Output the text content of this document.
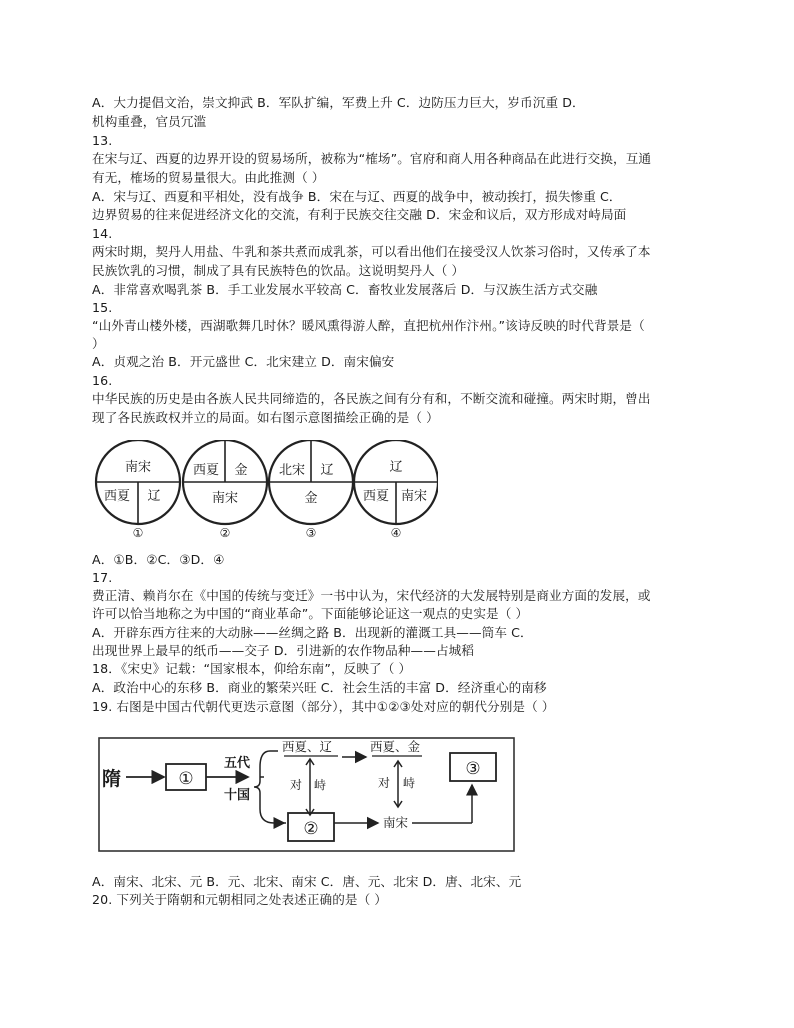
A．大力提倡文治，崇文抑武 B．军队扩编，军费上升 C．边防压力巨大，岁币沉重 D．
机构重叠，官员冗滥
13.
在宋与辽、西夏的边界开设的贸易场所，被称为“榷场”。官府和商人用各种商品在此进行交换，互通
有无，榷场的贸易量很大。由此推测（ ）
A．宋与辽、西夏和平相处，没有战争 B．宋在与辽、西夏的战争中，被动挨打，损失惨重 C．
边界贸易的往来促进经济文化的交流，有利于民族交往交融 D．宋金和议后，双方形成对峙局面
14.
两宋时期，契丹人用盐、牛乳和茶共煮而成乳茶，可以看出他们在接受汉人饮茶习俗时，又传承了本
民族饮乳的习惯，制成了具有民族特色的饮品。这说明契丹人（ ）
A．非常喜欢喝乳茶 B．手工业发展水平较高 C．畜牧业发展落后 D．与汉族生活方式交融
15.
“山外青山楼外楼，西湖歌舞几时休？暖风熏得游人醉，直把杭州作汴州。”该诗反映的时代背景是（
）
A．贞观之治 B．开元盛世 C．北宋建立 D．南宋偏安
16.
中华民族的历史是由各族人民共同缔造的，各民族之间有分有和，不断交流和碰撞。两宋时期，曾出
现了各民族政权并立的局面。如右图示意图描绘正确的是（ ）
南宋
西夏 辽
①
西夏 金
南宋
②
北宋 辽
金
③
辽
西夏 南宋
④
A．①B．②C．③D．④
17.
费正清、赖肖尔在《中国的传统与变迁》一书中认为，宋代经济的大发展特别是商业方面的发展，或
许可以恰当地称之为中国的“商业革命”。下面能够论证这一观点的史实是（ ）
A．开辟东西方往来的大动脉——丝绸之路 B．出现新的灌溉工具——筒车 C．
出现世界上最早的纸币——交子 D．引进新的农作物品种——占城稻
18．《宋史》记载：“国家根本，仰给东南”，反映了（ ）
A．政治中心的东移 B．商业的繁荣兴旺 C．社会生活的丰富 D．经济重心的南移
19. 右图是中国古代朝代更迭示意图（部分），其中①②③处对应的朝代分别是（ ）
隋	①
五代
十国
西夏、辽	西夏、金
对 峙
②
对 峙
南宋
③
A．南宋、北宋、元 B．元、北宋、南宋 C．唐、元、北宋 D．唐、北宋、元
20. 下列关于隋朝和元朝相同之处表述正确的是（ ）
